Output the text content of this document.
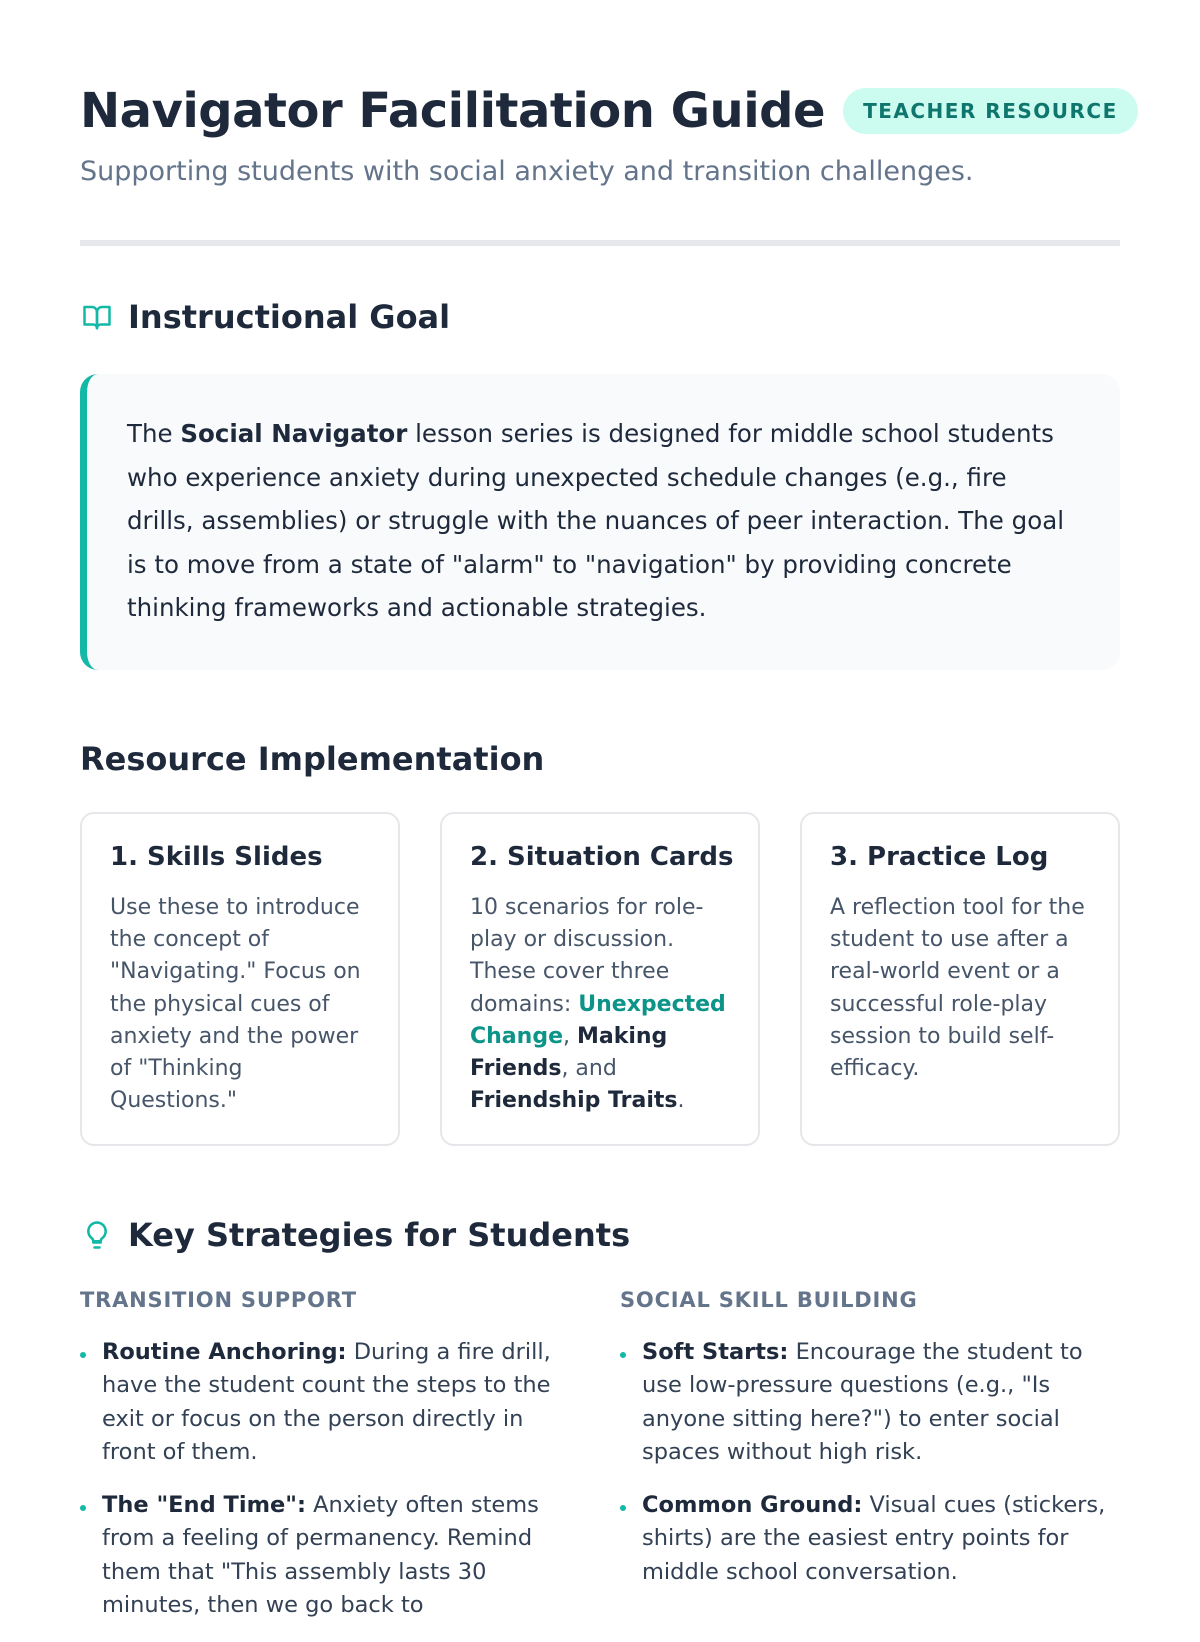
Navigator Facilitation Guide	TEACHER RESOURCE

Supporting students with social anxiety and transition challenges.

Instructional Goal

The Social Navigator lesson series is designed for middle school students who experience anxiety during unexpected schedule changes (e.g., fire drills, assemblies) or struggle with the nuances of peer interaction. The goal is to move from a state of "alarm" to "navigation" by providing concrete thinking frameworks and actionable strategies.

Resource Implementation
1. Skills Slides

Use these to introduce the concept of "Navigating." Focus on the physical cues of anxiety and the power of "Thinking Questions."

2. Situation Cards

10 scenarios for role-play or discussion. These cover three domains: Unexpected Change, Making Friends, and Friendship Traits.

3. Practice Log

A reflection tool for the student to use after a real-world event or a successful role-play session to build self-efficacy.

Key Strategies for Students
TRANSITION SUPPORT
Routine Anchoring: During a fire drill, have the student count the steps to the exit or focus on the person directly in front of them.
The "End Time": Anxiety often stems from a feeling of permanency. Remind them that "This assembly lasts 30 minutes, then we go back to
SOCIAL SKILL BUILDING
Soft Starts: Encourage the student to use low-pressure questions (e.g., "Is anyone sitting here?") to enter social spaces without high risk.
Common Ground: Visual cues (stickers, shirts) are the easiest entry points for middle school conversation.
